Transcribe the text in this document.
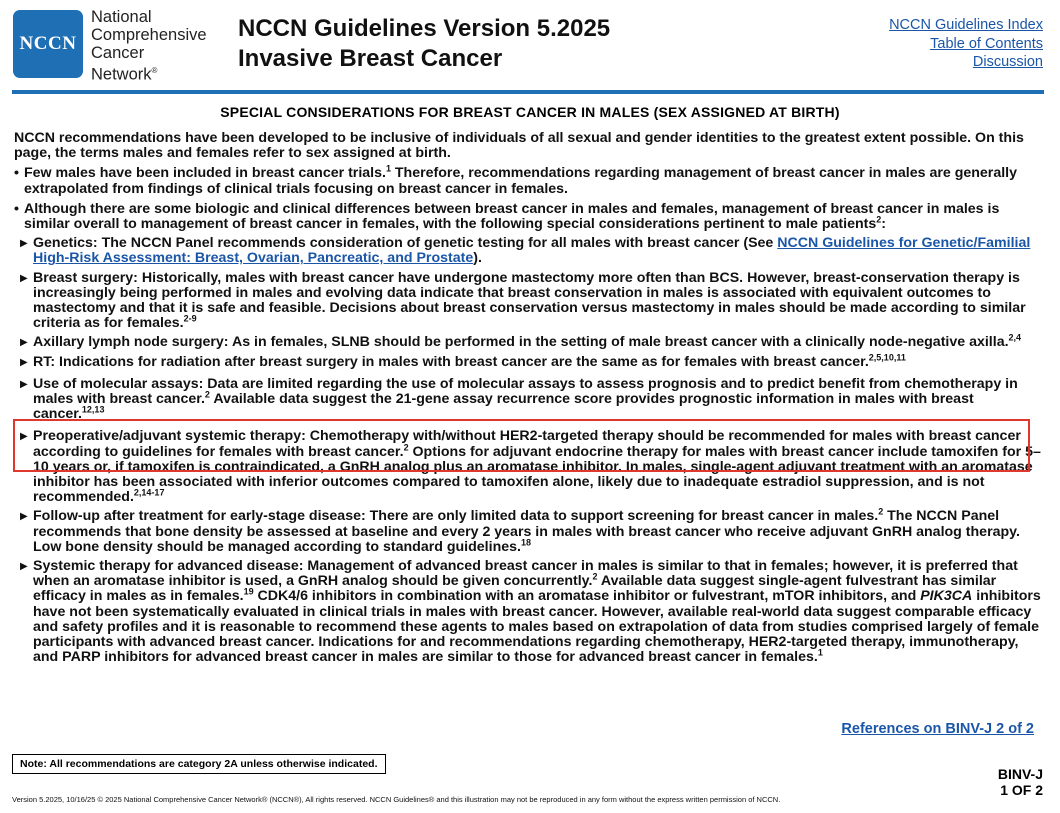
NCCN
National
Comprehensive
Cancer
Network®
NCCN Guidelines Version 5.2025
Invasive Breast Cancer
NCCN Guidelines Index
Table of Contents
Discussion
SPECIAL CONSIDERATIONS FOR BREAST CANCER IN MALES (SEX ASSIGNED AT BIRTH)

NCCN recommendations have been developed to be inclusive of individuals of all sexual and gender identities to the greatest extent possible. On this page, the terms males and females refer to sex assigned at birth.

• Few males have been included in breast cancer trials.$^1$ Therefore, recommendations regarding management of breast cancer in males are generally extrapolated from findings of clinical trials focusing on breast cancer in females.
• Although there are some biologic and clinical differences between breast cancer in males and females, management of breast cancer in males is similar overall to management of breast cancer in females, with the following special considerations pertinent to male patients$^2$:
▶ Genetics: The NCCN Panel recommends consideration of genetic testing for all males with breast cancer (See NCCN Guidelines for Genetic/Familial High-Risk Assessment: Breast, Ovarian, Pancreatic, and Prostate).
▶ Breast surgery: Historically, males with breast cancer have undergone mastectomy more often than BCS. However, breast-conservation therapy is increasingly being performed in males and evolving data indicate that breast conservation in males is associated with equivalent outcomes to mastectomy and that it is safe and feasible. Decisions about breast conservation versus mastectomy in males should be made according to similar criteria as for females.$^{2-9}$
▶ Axillary lymph node surgery: As in females, SLNB should be performed in the setting of male breast cancer with a clinically node-negative axilla.$^{2,4}$
▶ RT: Indications for radiation after breast surgery in males with breast cancer are the same as for females with breast cancer.$^{2,5,10,11}$
▶ Use of molecular assays: Data are limited regarding the use of molecular assays to assess prognosis and to predict benefit from chemotherapy in males with breast cancer.$^2$ Available data suggest the 21-gene assay recurrence score provides prognostic information in males with breast cancer.$^{12,13}$
▶ Preoperative/adjuvant systemic therapy: Chemotherapy with/without HER2-targeted therapy should be recommended for males with breast cancer according to guidelines for females with breast cancer.$^2$ Options for adjuvant endocrine therapy for males with breast cancer include tamoxifen for 5–10 years or, if tamoxifen is contraindicated, a GnRH analog plus an aromatase inhibitor. In males, single-agent adjuvant treatment with an aromatase inhibitor has been associated with inferior outcomes compared to tamoxifen alone, likely due to inadequate estradiol suppression, and is not recommended.$^{2,14-17}$
▶ Follow-up after treatment for early-stage disease: There are only limited data to support screening for breast cancer in males.$^2$ The NCCN Panel recommends that bone density be assessed at baseline and every 2 years in males with breast cancer who receive adjuvant GnRH analog therapy. Low bone density should be managed according to standard guidelines.$^{18}$
▶ Systemic therapy for advanced disease: Management of advanced breast cancer in males is similar to that in females; however, it is preferred that when an aromatase inhibitor is used, a GnRH analog should be given concurrently.$^2$ Available data suggest single-agent fulvestrant has similar efficacy in males as in females.$^{19}$ CDK4/6 inhibitors in combination with an aromatase inhibitor or fulvestrant, mTOR inhibitors, and PIK3CA inhibitors have not been systematically evaluated in clinical trials in males with breast cancer. However, available real-world data suggest comparable efficacy and safety profiles and it is reasonable to recommend these agents to males based on extrapolation of data from studies comprised largely of female participants with advanced breast cancer. Indications for and recommendations regarding chemotherapy, HER2-targeted therapy, immunotherapy, and PARP inhibitors for advanced breast cancer in males are similar to those for advanced breast cancer in females.$^1$
References on BINV-J 2 of 2
Note: All recommendations are category 2A unless otherwise indicated.
BINV-J
1 OF 2
Version 5.2025, 10/16/25 © 2025 National Comprehensive Cancer Network® (NCCN®), All rights reserved. NCCN Guidelines® and this illustration may not be reproduced in any form without the express written permission of NCCN.
